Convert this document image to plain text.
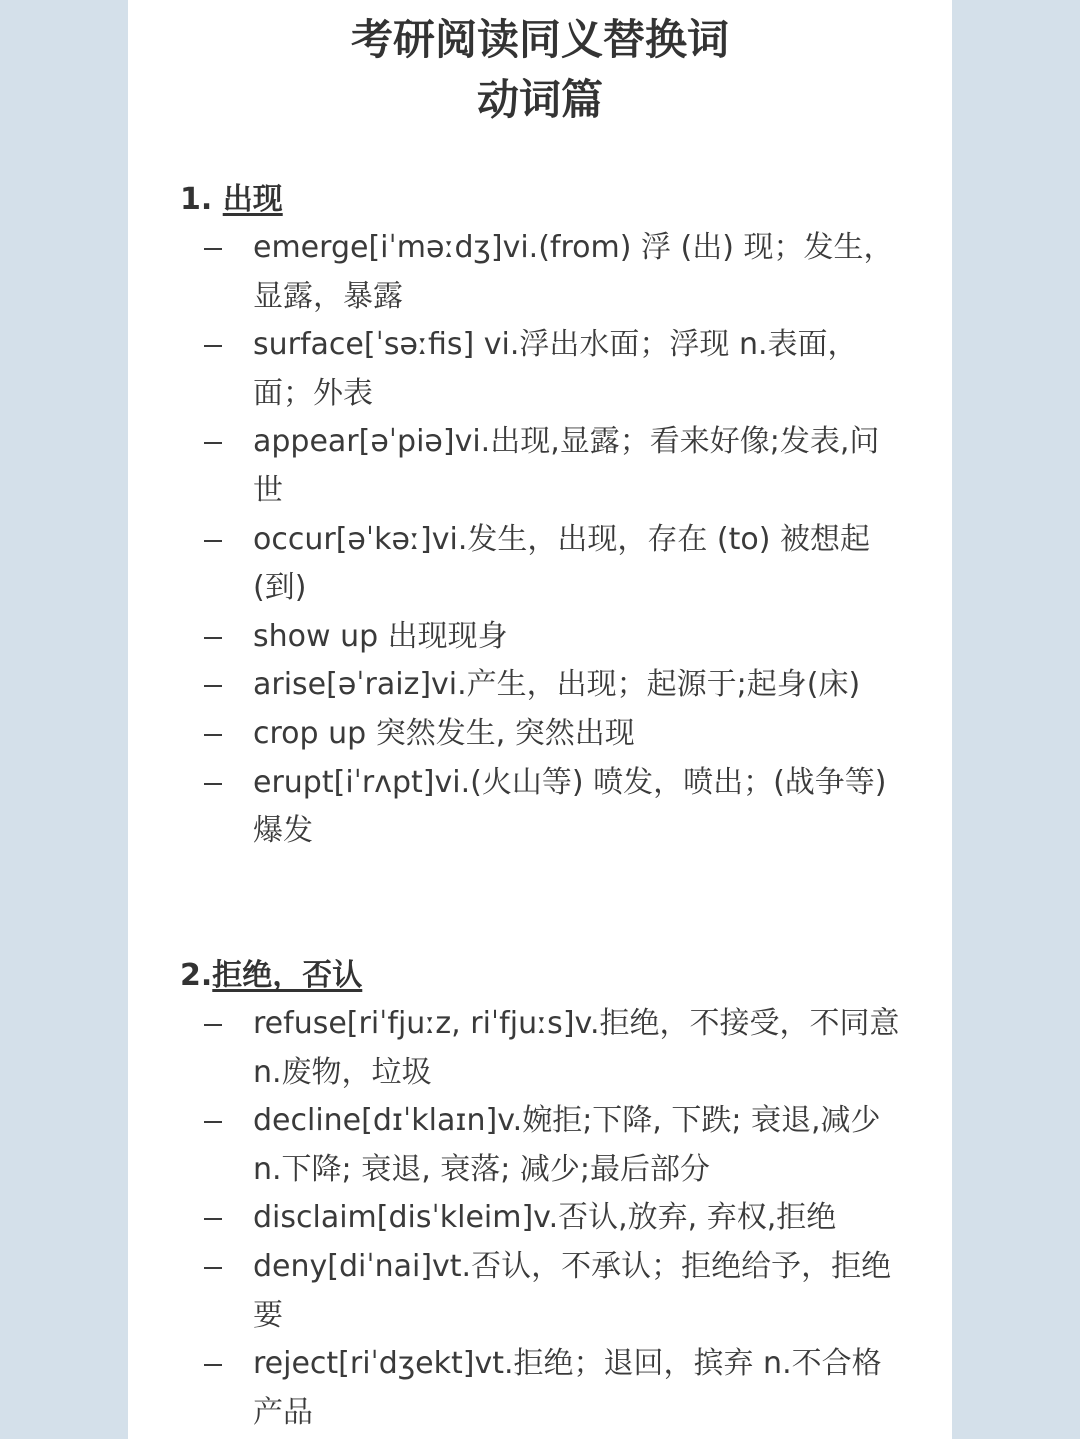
考研阅读同义替换词
动词篇
1. 出现
emerge[iˈməːdʒ]vi.(from) 浮 (出) 现；发生，显露，暴露
surface[ˈsəːfis] vi.浮出水面；浮现 n.表面，面；外表
appear[əˈpiə]vi.出现,显露；看来好像;发表,问世
occur[əˈkəː]vi.发生，出现，存在 (to) 被想起 (到)
show up 出现现身
arise[əˈraiz]vi.产生，出现；起源于;起身(床)
crop up 突然发生, 突然出现
erupt[iˈrʌpt]vi.(火山等) 喷发，喷出；(战争等) 爆发
2.拒绝，否认
refuse[riˈfjuːz, riˈfjuːs]v.拒绝，不接受，不同意 n.废物，垃圾
decline[dɪˈklaɪn]v.婉拒;下降, 下跌; 衰退,减少 n.下降; 衰退, 衰落; 减少;最后部分
disclaim[disˈkleim]v.否认,放弃, 弃权,拒绝
deny[diˈnai]vt.否认，不承认；拒绝给予，拒绝要
reject[riˈdʒekt]vt.拒绝；退回，摈弃 n.不合格产品
